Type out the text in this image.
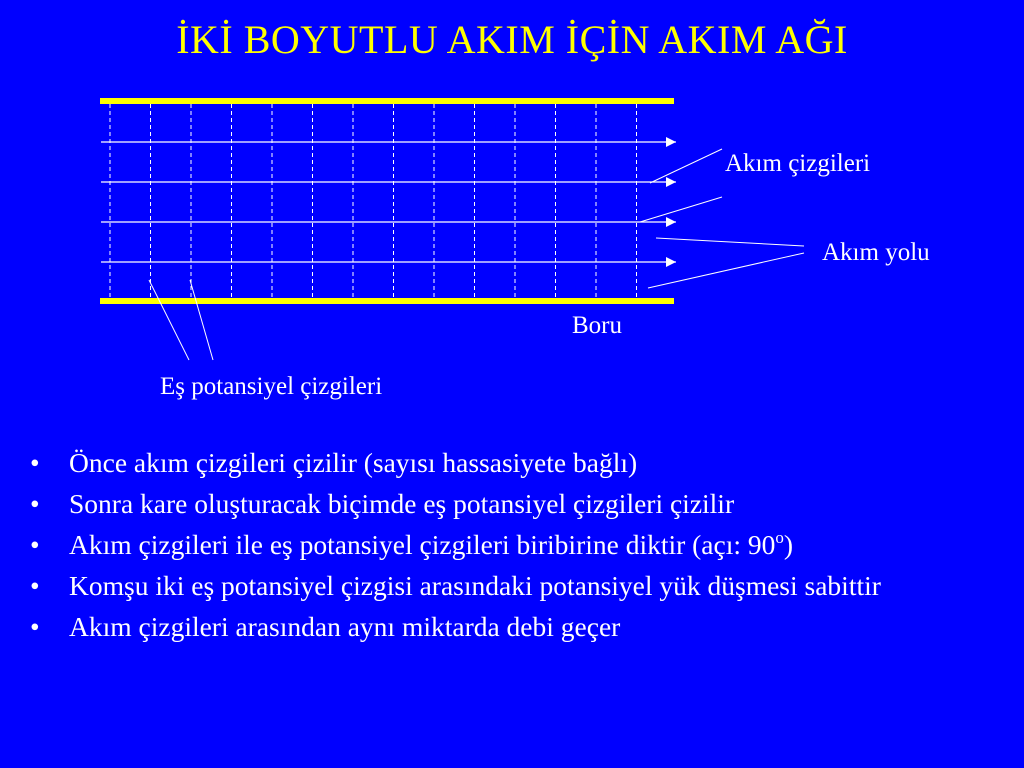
İKİ BOYUTLU AKIM İÇİN AKIM AĞI
Akım çizgileri
Akım yolu
Boru
Eş potansiyel çizgileri
• Önce akım çizgileri çizilir (sayısı hassasiyete bağlı)
• Sonra kare oluşturacak biçimde eş potansiyel çizgileri çizilir
• Akım çizgileri ile eş potansiyel çizgileri biribirine diktir (açı: 90$^o$)
• Komşu iki eş potansiyel çizgisi arasındaki potansiyel yük düşmesi sabittir
• Akım çizgileri arasından aynı miktarda debi geçer
